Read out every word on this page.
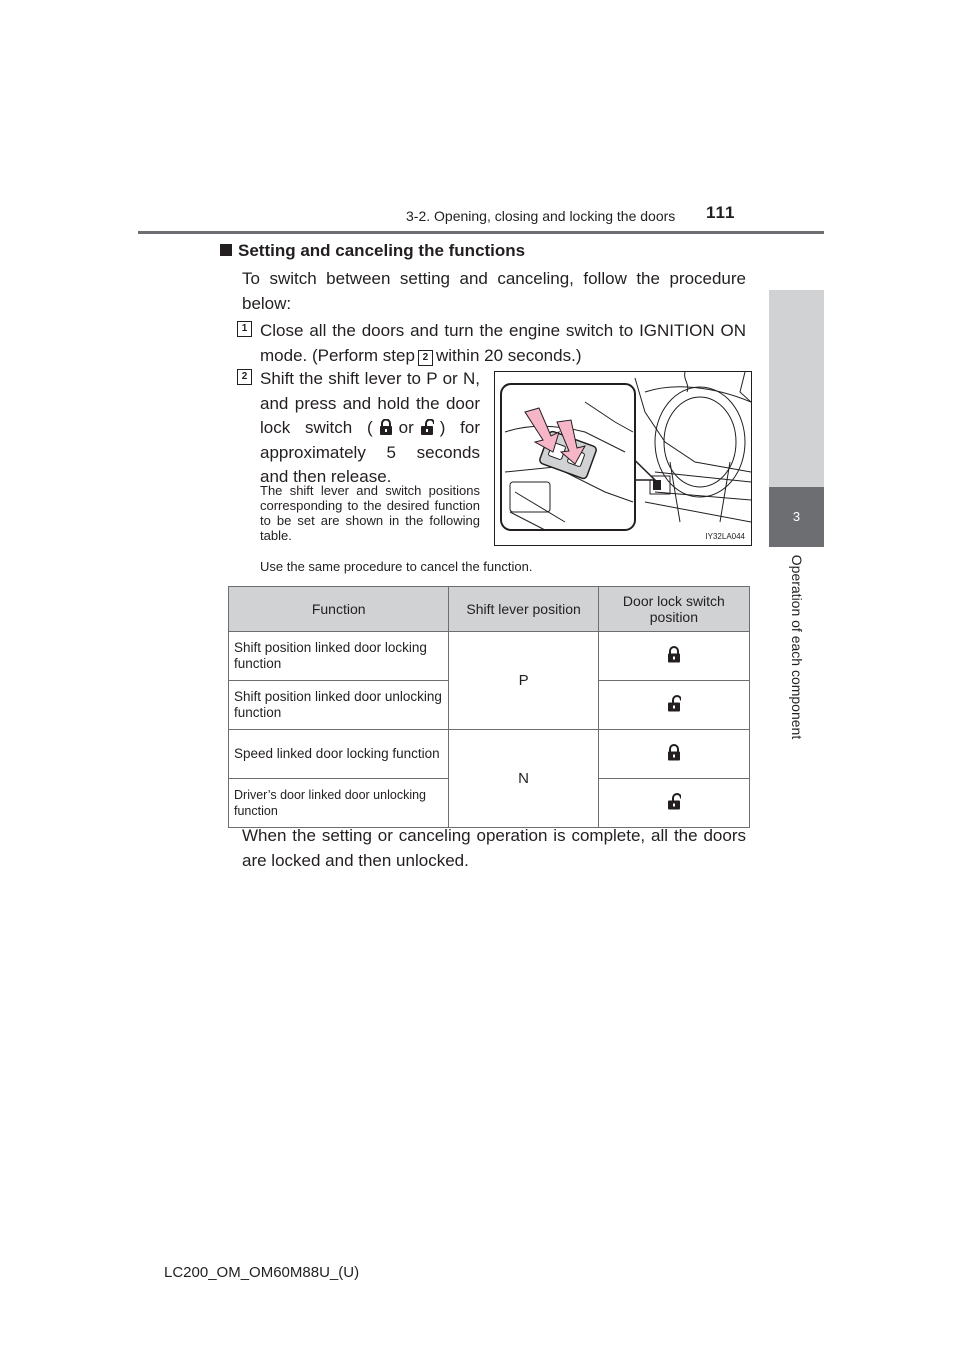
3-2. Opening, closing and locking the doors 111
3
Operation of each component
Setting and canceling the functions
To switch between setting and canceling, follow the procedure below:
1 Close all the doors and turn the engine switch to IGNITION ON mode. (Perform step 2 within 20 seconds.)
2 Shift the shift lever to P or N, and press and hold the door lock switch ( or ) for approximately 5 seconds and then release.
The shift lever and switch positions corresponding to the desired function to be set are shown in the following table.
Use the same procedure to cancel the function.
IY32LA044
Function	Shift lever position	Door lock switch position
Shift position linked door locking function	P	
Shift position linked door unlocking function	
Speed linked door locking function	N	
Driver’s door linked door unlocking function	
When the setting or canceling operation is complete, all the doors are locked and then unlocked.
LC200_OM_OM60M88U_(U)
